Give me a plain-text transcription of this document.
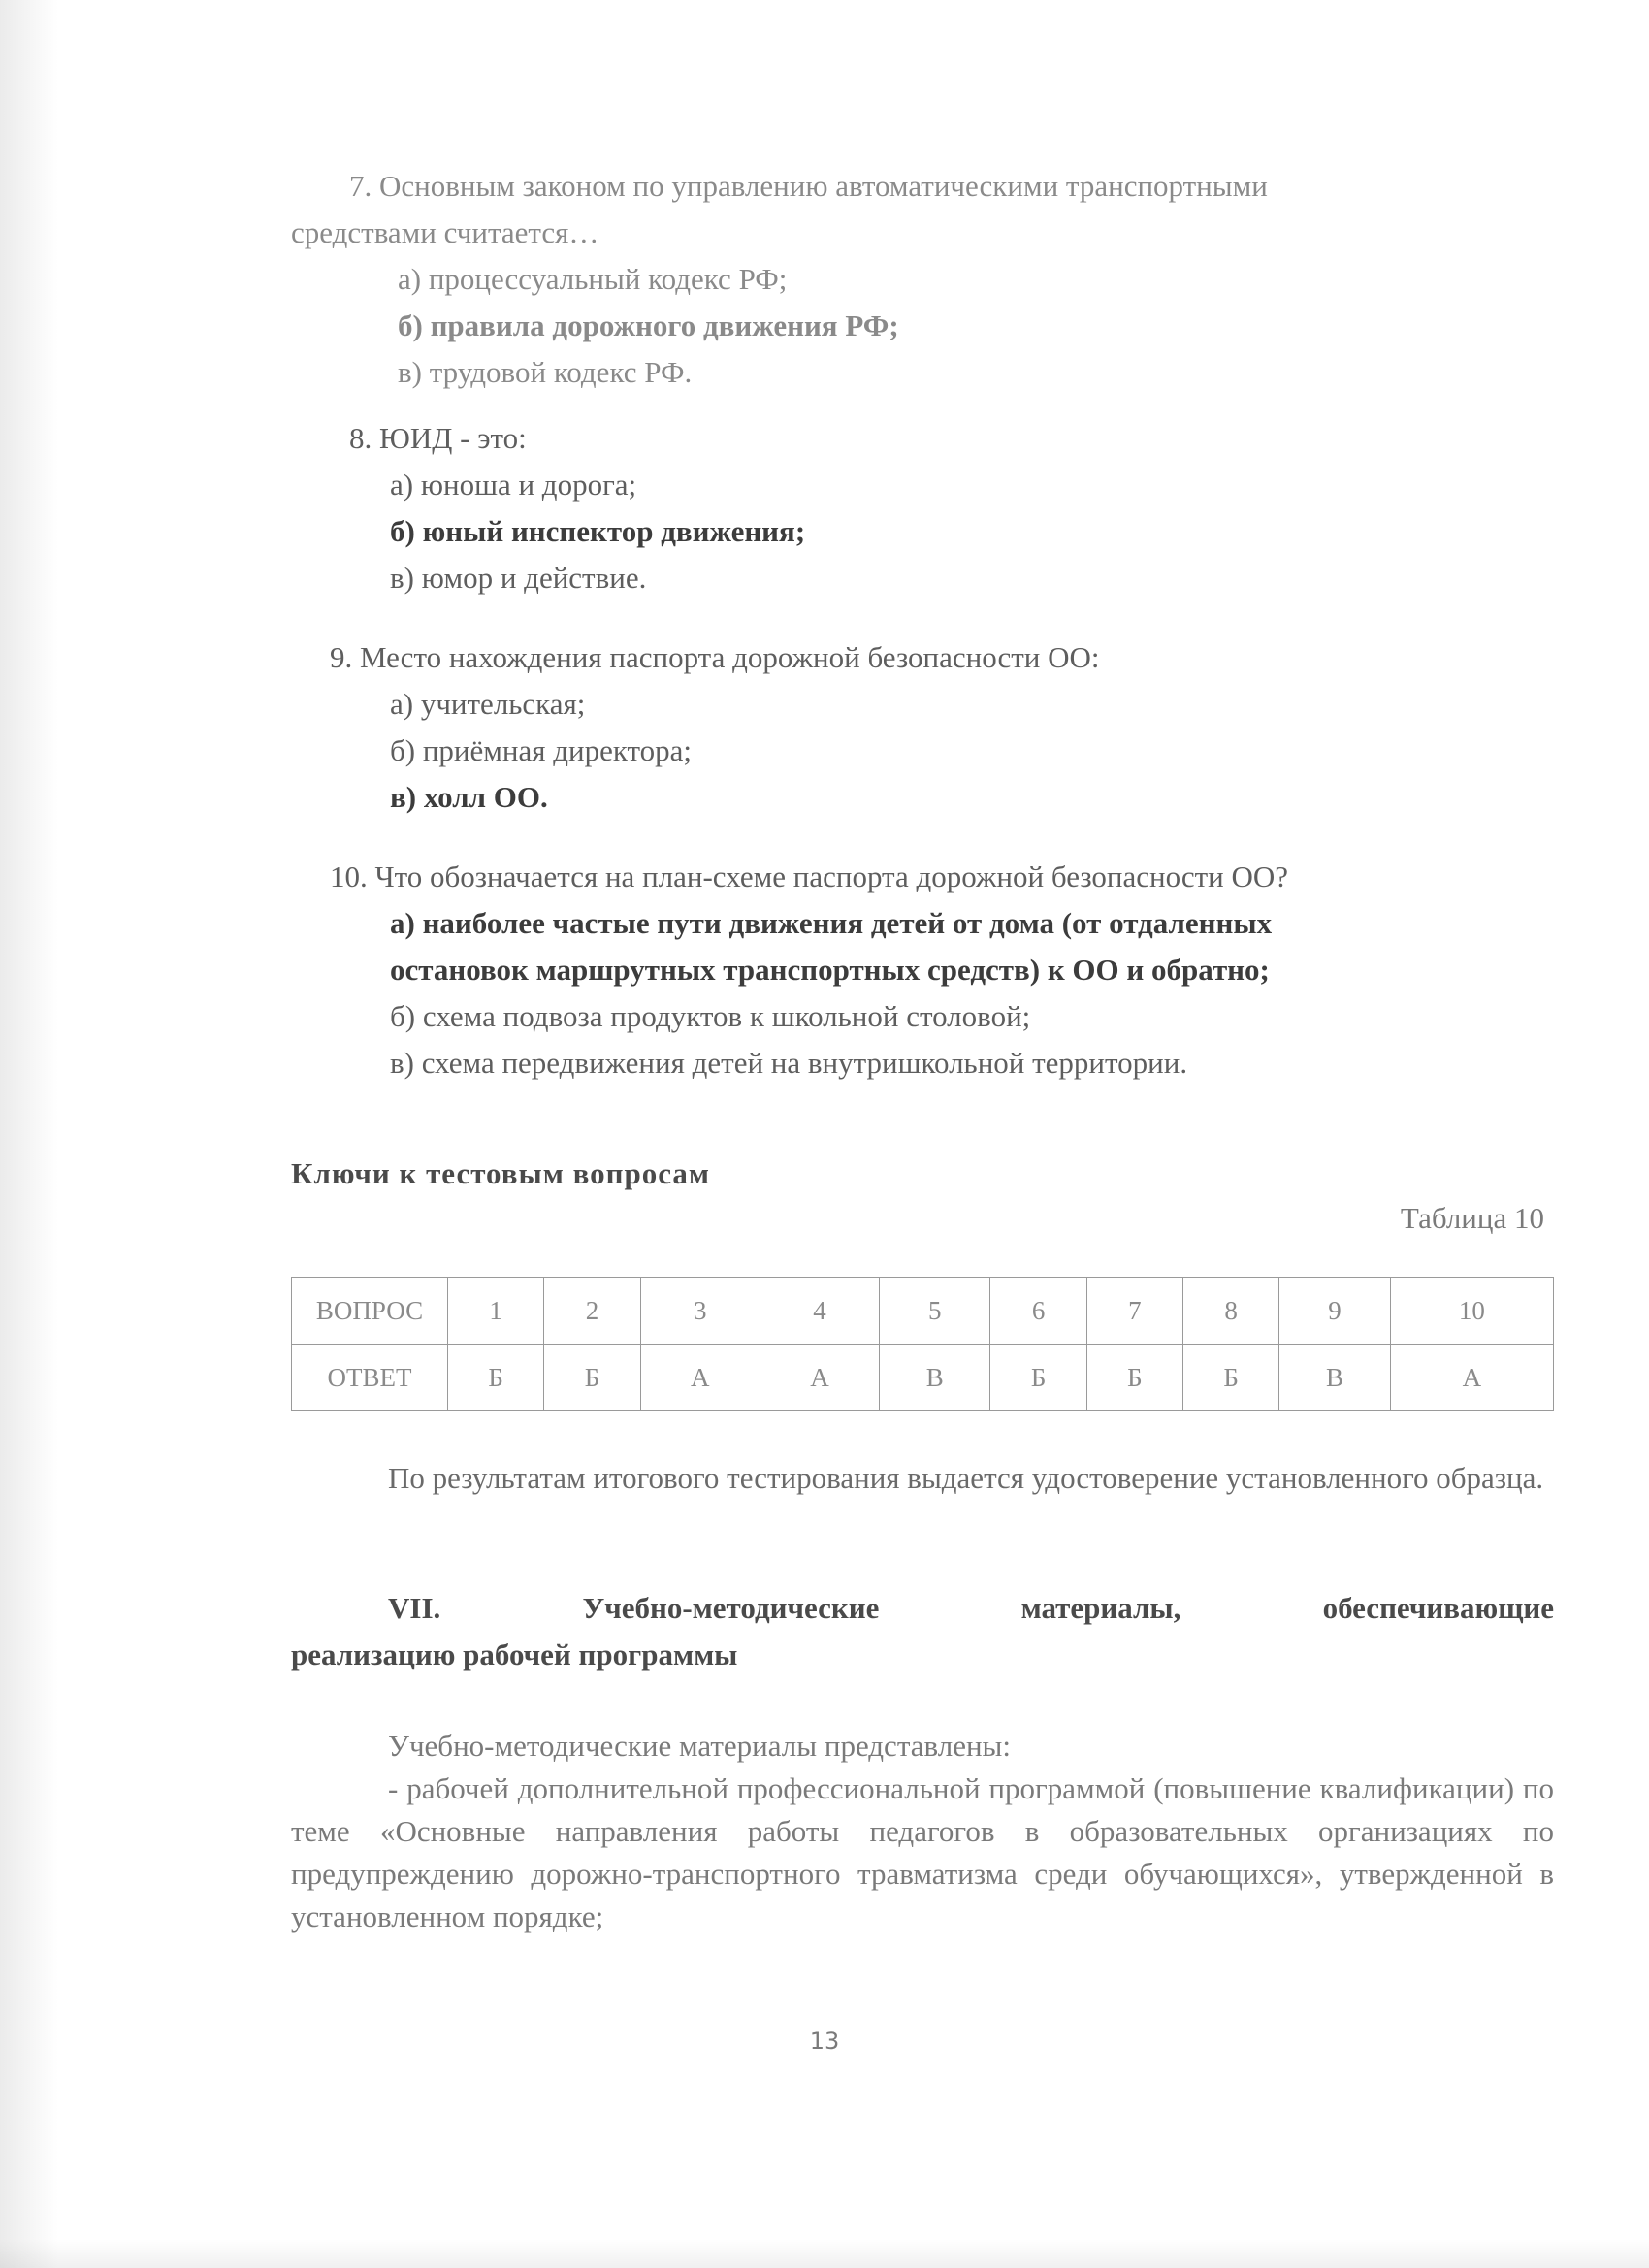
7. Основным законом по управлению автоматическими транспортными
средствами считается…
а) процессуальный кодекс РФ;
б) правила дорожного движения РФ;
в) трудовой кодекс РФ.
8. ЮИД - это:
а) юноша и дорога;
б) юный инспектор движения;
в) юмор и действие.
9. Место нахождения паспорта дорожной безопасности ОО:
а) учительская;
б) приёмная директора;
в) холл ОО.
10. Что обозначается на план-схеме паспорта дорожной безопасности ОО?
а) наиболее частые пути движения детей от дома (от отдаленных
остановок маршрутных транспортных средств) к ОО и обратно;
б) схема подвоза продуктов к школьной столовой;
в) схема передвижения детей на внутришкольной территории.
Ключи к тестовым вопросам
Таблица 10
ВОПРОС	1	2	3	4	5	6	7	8	9	10
ОТВЕТ	Б	Б	А	А	В	Б	Б	Б	В	А
По результатам итогового тестирования выдается удостоверение установленного образца.
VII.	Учебно-методические	материалы,	обеспечивающие
реализацию рабочей программы
Учебно-методические материалы представлены:
- рабочей дополнительной профессиональной программой (повышение квалификации) по теме «Основные направления работы педагогов в образовательных организациях по предупреждению дорожно-транспортного травматизма среди обучающихся», утвержденной в установленном порядке;
13
